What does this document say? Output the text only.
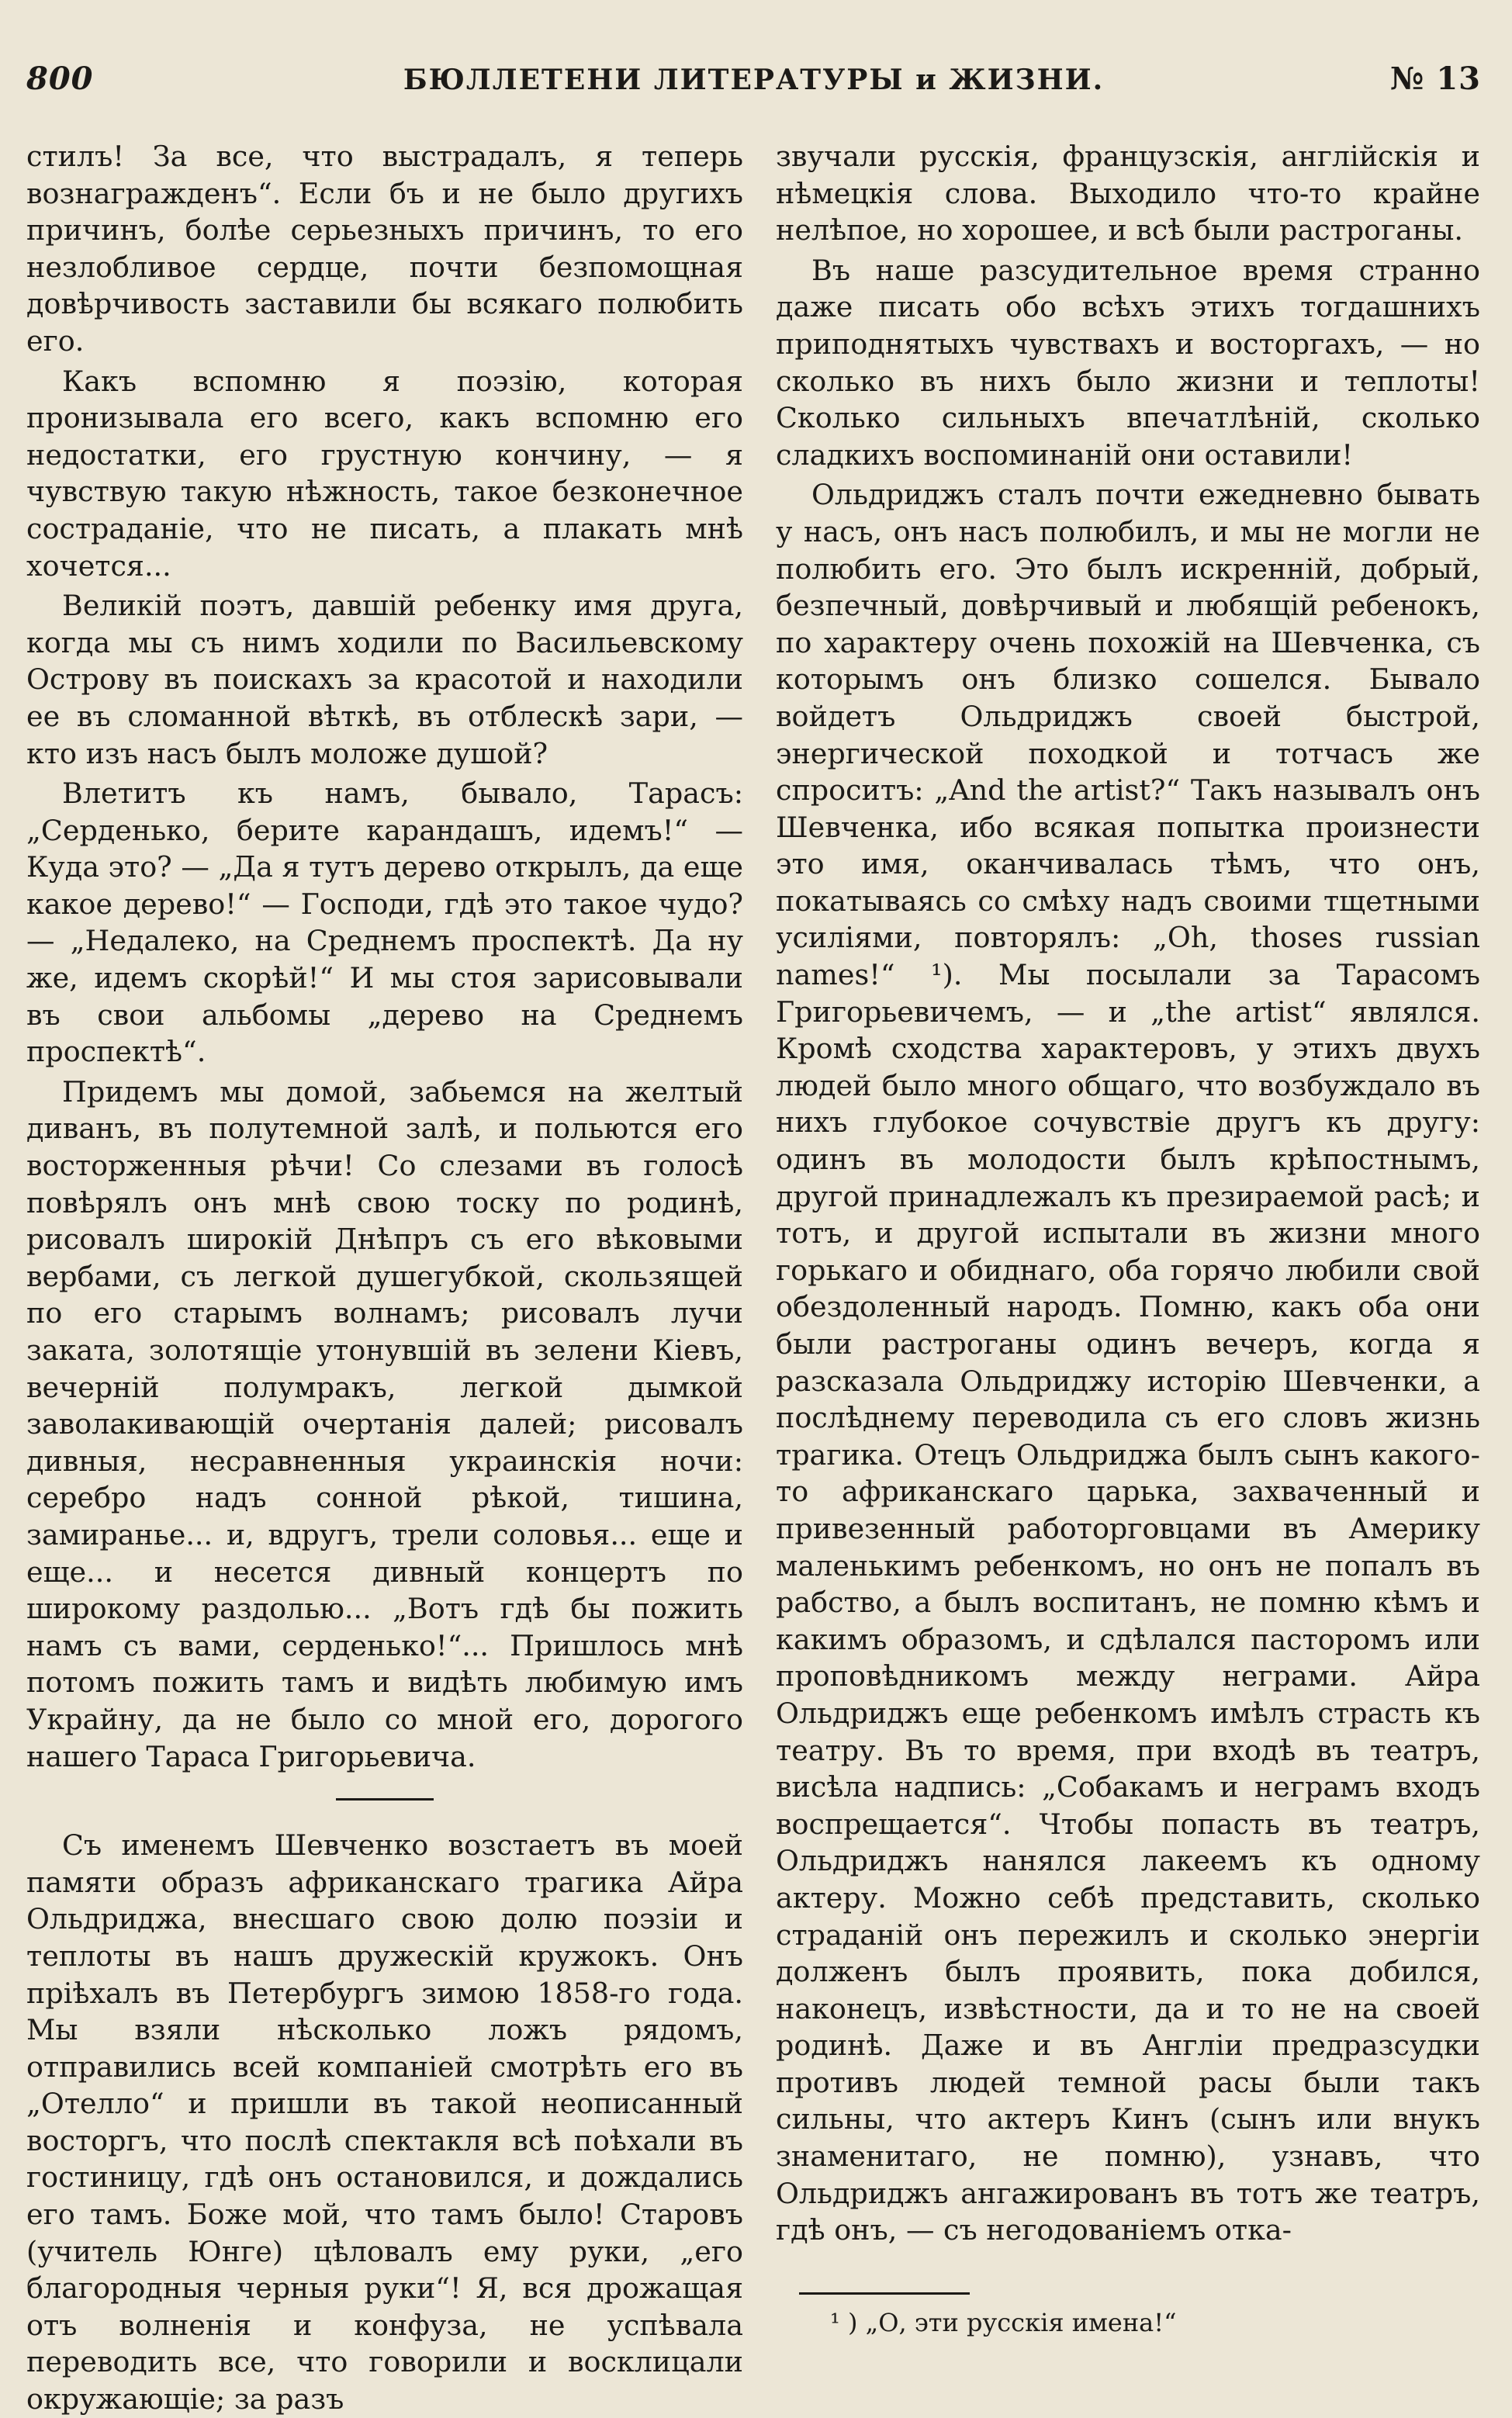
800	БЮЛЛЕТЕНИ ЛИТЕРАТУРЫ и ЖИЗНИ.	№ 13

стилъ! За все, что выстрадалъ, я теперь вознагражденъ“. Если бъ и не было другихъ причинъ, болѣе серьезныхъ причинъ, то его незлобливое сердце, почти безпомощная довѣрчивость заставили бы всякаго полюбить его.

Какъ вспомню я поэзію, которая пронизывала его всего, какъ вспомню его недостатки, его грустную кончину, — я чувствую такую нѣжность, такое безконечное состраданіе, что не писать, а плакать мнѣ хочется...

Великій поэтъ, давшій ребенку имя друга, когда мы съ нимъ ходили по Васильевскому Острову въ поискахъ за красотой и находили ее въ сломанной вѣткѣ, въ отблескѣ зари, — кто изъ насъ былъ моложе душой?

Влетитъ къ намъ, бывало, Тарасъ: „Серденько, берите карандашъ, идемъ!“ — Куда это? — „Да я тутъ дерево открылъ, да еще какое дерево!“ — Господи, гдѣ это такое чудо? — „Недалеко, на Среднемъ проспектѣ. Да ну же, идемъ скорѣй!“ И мы стоя зарисовывали въ свои альбомы „дерево на Среднемъ проспектѣ“.

Придемъ мы домой, забьемся на желтый диванъ, въ полутемной залѣ, и польются его восторженныя рѣчи! Со слезами въ голосѣ повѣрялъ онъ мнѣ свою тоску по родинѣ, рисовалъ широкій Днѣпръ съ его вѣковыми вербами, съ легкой душегубкой, скользящей по его старымъ волнамъ; рисовалъ лучи заката, золотящіе утонувшій въ зелени Кіевъ, вечерній полумракъ, легкой дымкой заволакивающій очертанія далей; рисовалъ дивныя, несравненныя украинскія ночи: серебро надъ сонной рѣкой, тишина, замиранье... и, вдругъ, трели соловья... еще и еще... и несется дивный концертъ по широкому раздолью... „Вотъ гдѣ бы пожить намъ съ вами, серденько!“... Пришлось мнѣ потомъ пожить тамъ и видѣть любимую имъ Украйну, да не было со мной его, дорогого нашего Тараса Григорьевича.

Съ именемъ Шевченко возстаетъ въ моей памяти образъ африканскаго трагика Айра Ольдриджа, внесшаго свою долю поэзіи и теплоты въ нашъ дружескій кружокъ. Онъ пріѣхалъ въ Петербургъ зимою 1858-го года. Мы взяли нѣсколько ложъ рядомъ, отправились всей компаніей смотрѣть его въ „Отелло“ и пришли въ такой неописанный восторгъ, что послѣ спектакля всѣ поѣхали въ гостиницу, гдѣ онъ остановился, и дождались его тамъ. Боже мой, что тамъ было! Старовъ (учитель Юнге) цѣловалъ ему руки, „его благородныя черныя руки“! Я, вся дрожащая отъ волненія и конфуза, не успѣвала переводить все, что говорили и восклицали окружающіе; за разъ

звучали русскія, французскія, англійскія и нѣмецкія слова. Выходило что-то крайне нелѣпое, но хорошее, и всѣ были растроганы.

Въ наше разсудительное время странно даже писать обо всѣхъ этихъ тогдашнихъ приподнятыхъ чувствахъ и восторгахъ, — но сколько въ нихъ было жизни и теплоты! Сколько сильныхъ впечатлѣній, сколько сладкихъ воспоминаній они оставили!

Ольдриджъ сталъ почти ежедневно бывать у насъ, онъ насъ полюбилъ, и мы не могли не полюбить его. Это былъ искренній, добрый, безпечный, довѣрчивый и любящій ребенокъ, по характеру очень похожій на Шевченка, съ которымъ онъ близко сошелся. Бывало войдетъ Ольдриджъ своей быстрой, энергической походкой и тотчасъ же спроситъ: „And the artist?“ Такъ называлъ онъ Шевченка, ибо всякая попытка произнести это имя, оканчивалась тѣмъ, что онъ, покатываясь со смѣху надъ своими тщетными усиліями, повторялъ: „Oh, thoses russian names!“ ¹). Мы посылали за Тарасомъ Григорьевичемъ, — и „the artist“ являлся. Кромѣ сходства характеровъ, у этихъ двухъ людей было много общаго, что возбуждало въ нихъ глубокое сочувствіе другъ къ другу: одинъ въ молодости былъ крѣпостнымъ, другой принадлежалъ къ презираемой расѣ; и тотъ, и другой испытали въ жизни много горькаго и обиднаго, оба горячо любили свой обездоленный народъ. Помню, какъ оба они были растроганы одинъ вечеръ, когда я разсказала Ольдриджу исторію Шевченки, а послѣднему переводила съ его словъ жизнь трагика. Отецъ Ольдриджа былъ сынъ какого-то африканскаго царька, захваченный и привезенный работорговцами въ Америку маленькимъ ребенкомъ, но онъ не попалъ въ рабство, а былъ воспитанъ, не помню кѣмъ и какимъ образомъ, и сдѣлался пасторомъ или проповѣдникомъ между неграми. Айра Ольдриджъ еще ребенкомъ имѣлъ страсть къ театру. Въ то время, при входѣ въ театръ, висѣла надпись: „Собакамъ и неграмъ входъ воспрещается“. Чтобы попасть въ театръ, Ольдриджъ нанялся лакеемъ къ одному актеру. Можно себѣ представить, сколько страданій онъ пережилъ и сколько энергіи долженъ былъ проявить, пока добился, наконецъ, извѣстности, да и то не на своей родинѣ. Даже и въ Англіи предразсудки противъ людей темной расы были такъ сильны, что актеръ Кинъ (сынъ или внукъ знаменитаго, не помню), узнавъ, что Ольдриджъ ангажированъ въ тотъ же театръ, гдѣ онъ, — съ негодованіемъ отка-

¹ ) „О, эти русскія имена!“
